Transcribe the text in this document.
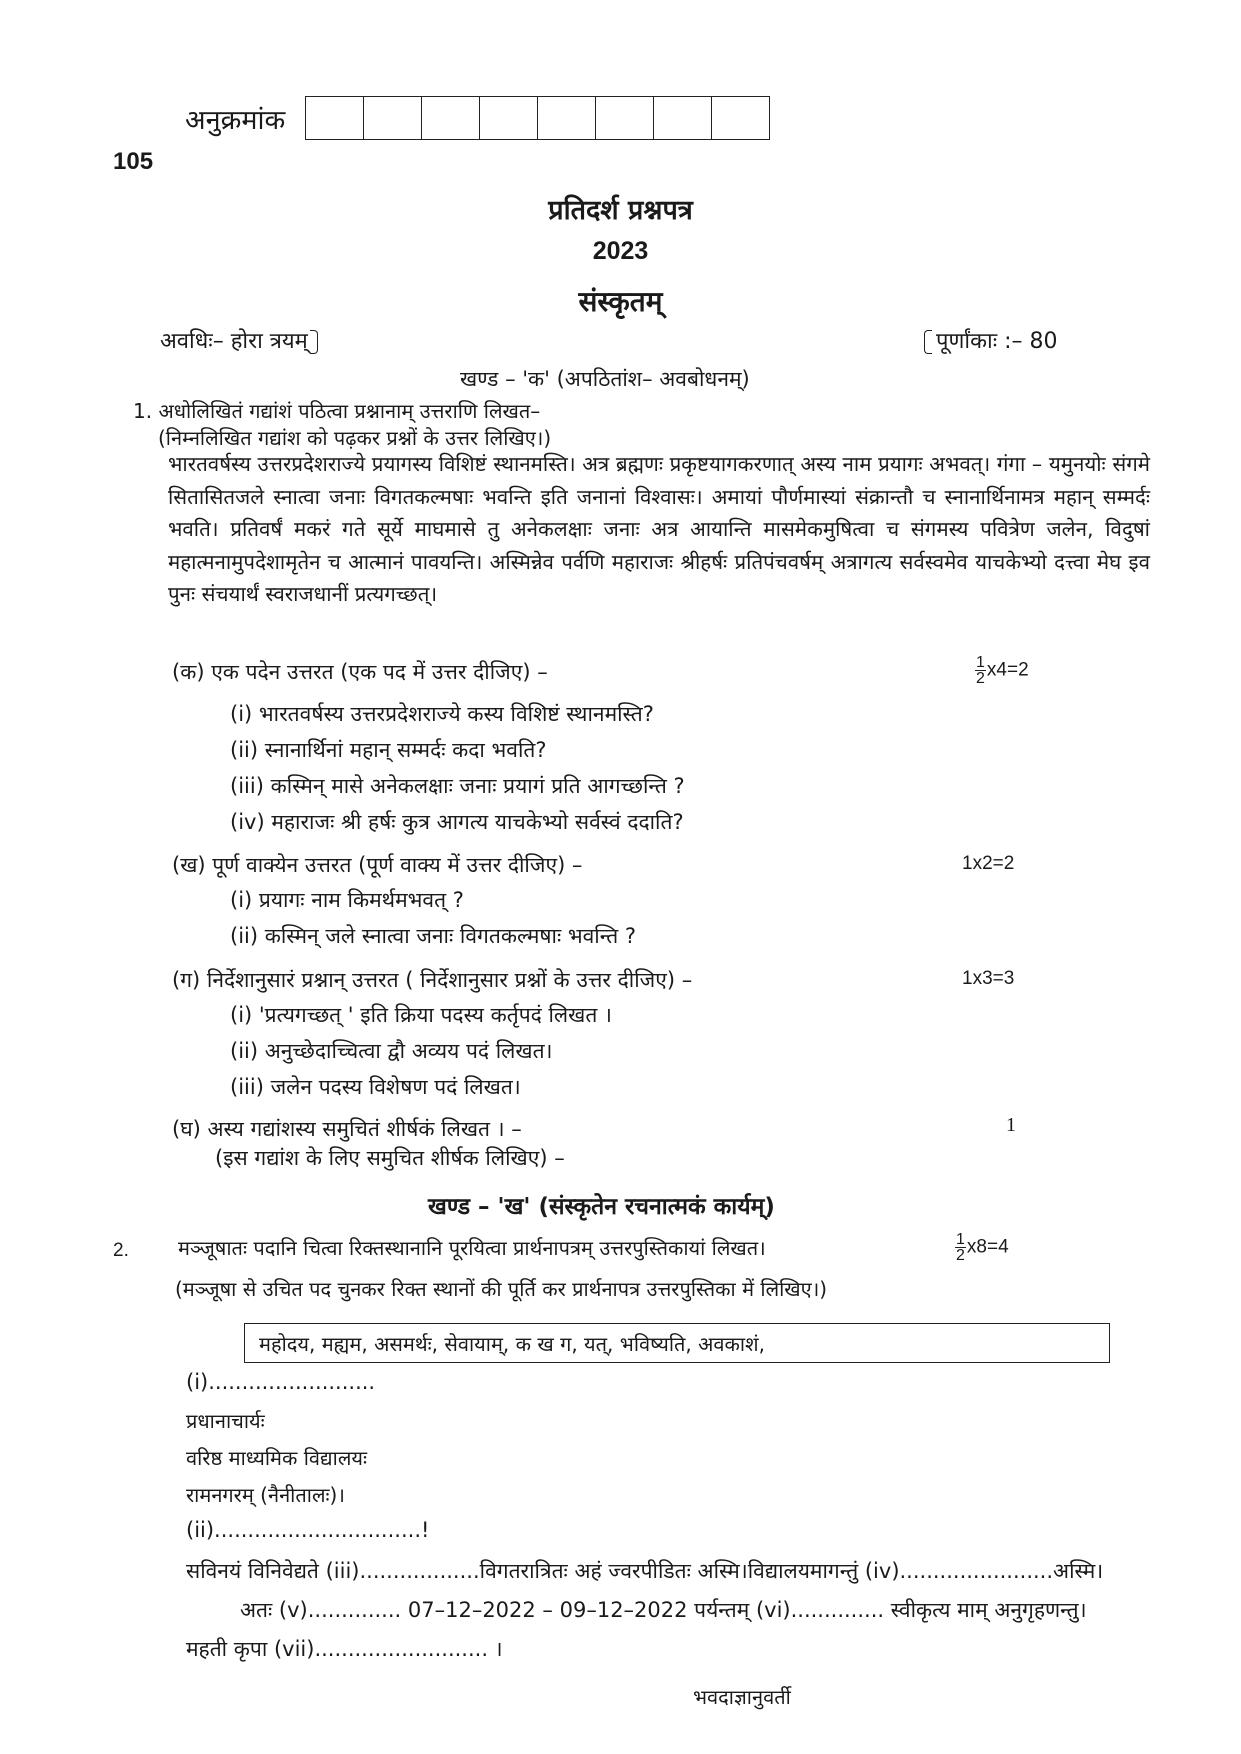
अनुक्रमांक
105
प्रतिदर्श प्रश्नपत्र
2023
संस्कृतम्
अवधिः– होरा त्रयम्	पूर्णांकाः :– 80
खण्ड – 'क' (अपठितांश– अवबोधनम्)
1. अधोलिखितं गद्यांशं पठित्वा प्रश्नानाम् उत्तराणि लिखत–
(निम्नलिखित गद्यांश को पढ़कर प्रश्नों के उत्तर लिखिए।)
भारतवर्षस्य उत्तरप्रदेशराज्ये प्रयागस्य विशिष्टं स्थानमस्ति। अत्र ब्रह्मणः प्रकृष्टयागकरणात् अस्य नाम प्रयागः अभवत्। गंगा – यमुनयोः संगमे सितासितजले स्नात्वा जनाः विगतकल्मषाः भवन्ति इति जनानां विश्वासः। अमायां पौर्णमास्यां संक्रान्तौ च स्नानार्थिनामत्र महान् सम्मर्दः भवति। प्रतिवर्षं मकरं गते सूर्ये माघमासे तु अनेकलक्षाः जनाः अत्र आयान्ति मासमेकमुषित्वा च संगमस्य पवित्रेण जलेन, विदुषां महात्मनामुपदेशामृतेन च आत्मानं पावयन्ति। अस्मिन्नेव पर्वणि महाराजः श्रीहर्षः प्रतिपंचवर्षम् अत्रागत्य सर्वस्वमेव याचकेभ्यो दत्त्वा मेघ इव पुनः संचयार्थं स्वराजधानीं प्रत्यगच्छत्।
(क) एक पदेन उत्तरत (एक पद में उत्तर दीजिए) –	$\frac{1}{2} x4=2$
(i) भारतवर्षस्य उत्तरप्रदेशराज्ये कस्य विशिष्टं स्थानमस्ति?
(ii) स्नानार्थिनां महान् सम्मर्दः कदा भवति?
(iii) कस्मिन् मासे अनेकलक्षाः जनाः प्रयागं प्रति आगच्छन्ति ?
(iv) महाराजः श्री हर्षः कुत्र आगत्य याचकेभ्यो सर्वस्वं ददाति?
(ख) पूर्ण वाक्येन उत्तरत (पूर्ण वाक्य में उत्तर दीजिए) –	1x2=2
(i) प्रयागः नाम किमर्थमभवत् ?
(ii) कस्मिन् जले स्नात्वा जनाः विगतकल्मषाः भवन्ति ?
(ग) निर्देशानुसारं प्रश्नान् उत्तरत ( निर्देशानुसार प्रश्नों के उत्तर दीजिए) –	1x3=3
(i) 'प्रत्यगच्छत् ' इति क्रिया पदस्य कर्तृपदं लिखत ।
(ii) अनुच्छेदाच्चित्वा द्वौ अव्यय पदं लिखत।
(iii) जलेन पदस्य विशेषण पदं लिखत।
(घ) अस्य गद्यांशस्य समुचितं शीर्षकं लिखत । –	1
(इस गद्यांश के लिए समुचित शीर्षक लिखिए) –
खण्ड – 'ख' (संस्कृतेन रचनात्मकं कार्यम्)
2. मञ्जूषातः पदानि चित्वा रिक्तस्थानानि पूरयित्वा प्रार्थनापत्रम् उत्तरपुस्तिकायां लिखत।	$\frac{1}{2} x8=4$
(मञ्जूषा से उचित पद चुनकर रिक्त स्थानों की पूर्ति कर प्रार्थनापत्र उत्तरपुस्तिका में लिखिए।)
महोदय, मह्यम, असमर्थः, सेवायाम्, क ख ग, यत्, भविष्यति, अवकाशं,
(i).........................
प्रधानाचार्यः
वरिष्ठ माध्यमिक विद्यालयः
रामनगरम् (नैनीतालः)।
(ii)...............................!
सविनयं विनिवेद्यते (iii)..................विगतरात्रितः अहं ज्वरपीडितः अस्मि।विद्यालयमागन्तुं (iv).......................अस्मि।
अतः (v).............. 07–12–2022 – 09–12–2022 पर्यन्तम् (vi).............. स्वीकृत्य माम् अनुगृहणन्तु।
महती कृपा (vii).......................... ।
भवदाज्ञानुवर्ती
